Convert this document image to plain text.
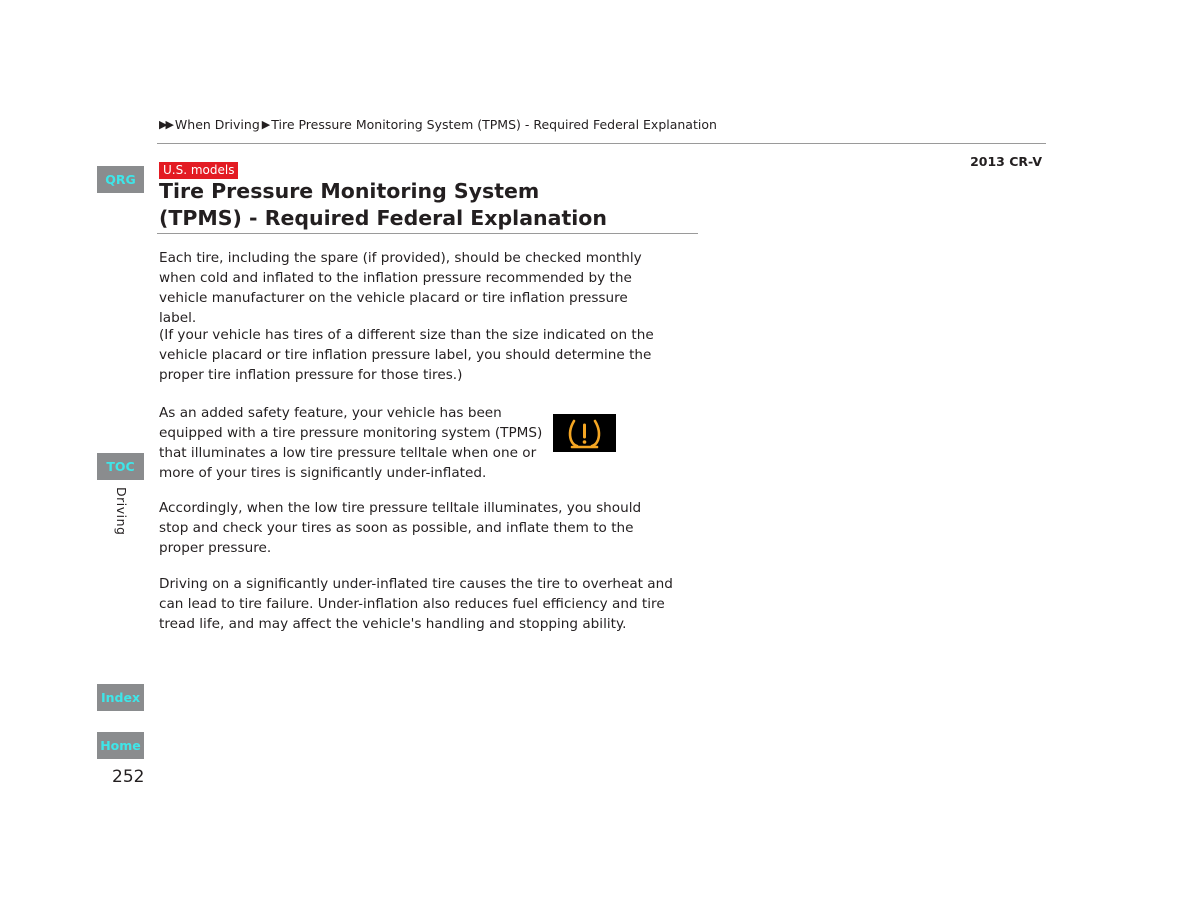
▶▶ When Driving ▶ Tire Pressure Monitoring System (TPMS) - Required Federal Explanation
2013 CR-V
U.S. models
Tire Pressure Monitoring System
(TPMS) - Required Federal Explanation

Each tire, including the spare (if provided), should be checked monthly when cold and inflated to the inflation pressure recommended by the vehicle manufacturer on the vehicle placard or tire inflation pressure label.

(If your vehicle has tires of a different size than the size indicated on the vehicle placard or tire inflation pressure label, you should determine the proper tire inflation pressure for those tires.)

As an added safety feature, your vehicle has been equipped with a tire pressure monitoring system (TPMS) that illuminates a low tire pressure telltale when one or more of your tires is significantly under-inflated.

Accordingly, when the low tire pressure telltale illuminates, you should stop and check your tires as soon as possible, and inflate them to the proper pressure.

Driving on a significantly under-inflated tire causes the tire to overheat and can lead to tire failure. Under-inflation also reduces fuel efficiency and tire tread life, and may affect the vehicle's handling and stopping ability.

QRG
TOC
Driving
Index
Home
252
